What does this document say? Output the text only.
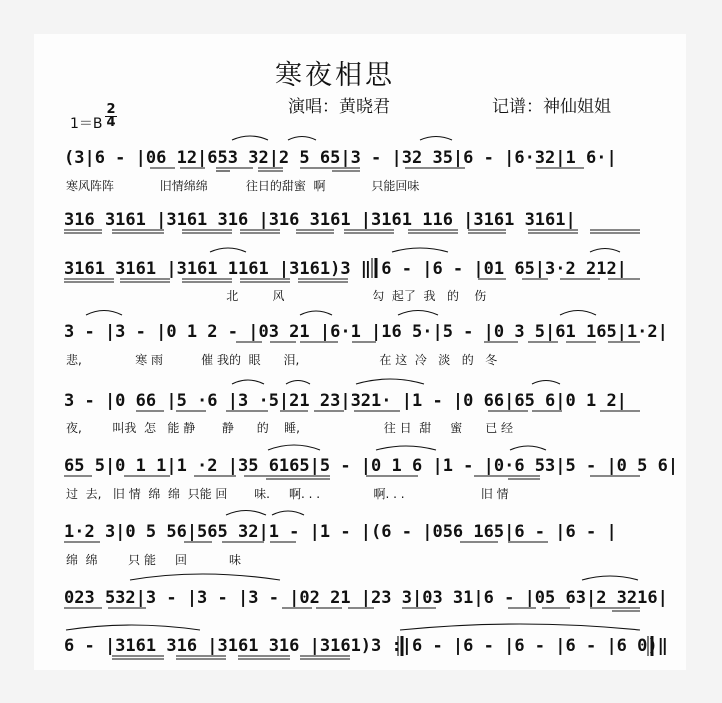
寒夜相思
演唱：黄晓君	记谱：神仙姐姐
1＝B
2
4
(3|6 - |06 12|653 32|2 5 65|3 - |32 35|6 - |6·32|1 6·|
寒风阵阵            旧情绵绵          往日的甜蜜  啊            只能回味
316 3161 |3161 316 |316 3161 |3161 116 |3161 3161|
3161 3161 |3161 1161 |3161)3 ‖:6 - |6 - |01 65|3·2 212|
北         风                       勾  起了  我   的    伤
3 - |3 - |0 1 2 - |03 21 |6·1 |16 5·|5 - |0 3 5|61 165|1·2|
悲,              寒 雨          催 我的  眼      泪,                     在 这  冷   淡   的   冬
3 - |0 66 |5 ·6 |3 ·5|21 23|321· |1 - |0 66|65 6|0 1 2|
夜,        叫我  怎   能 静       静      的    睡,                      往 日  甜     蜜      已 经
65 5|0 1 1|1 ·2 |35 6165|5 - |0 1 6 |1 - |0·6 53|5 - |0 5 6|
过  去,   旧 情  绵  绵  只能 回       味.     啊. . .              啊. . .                    旧 情
1·2 3|0 5 56|565 32|1 - |1 - |(6 - |056 165|6 - |6 - |
绵  绵        只 能     回           味
023 532|3 - |3 - |3 - |02 21 |23 3|03 31|6 - |05 63|2 3216|
6 - |3161 316 |3161 316 |3161)3 :|6 - |6 - |6 - |6 - |6 0)‖
